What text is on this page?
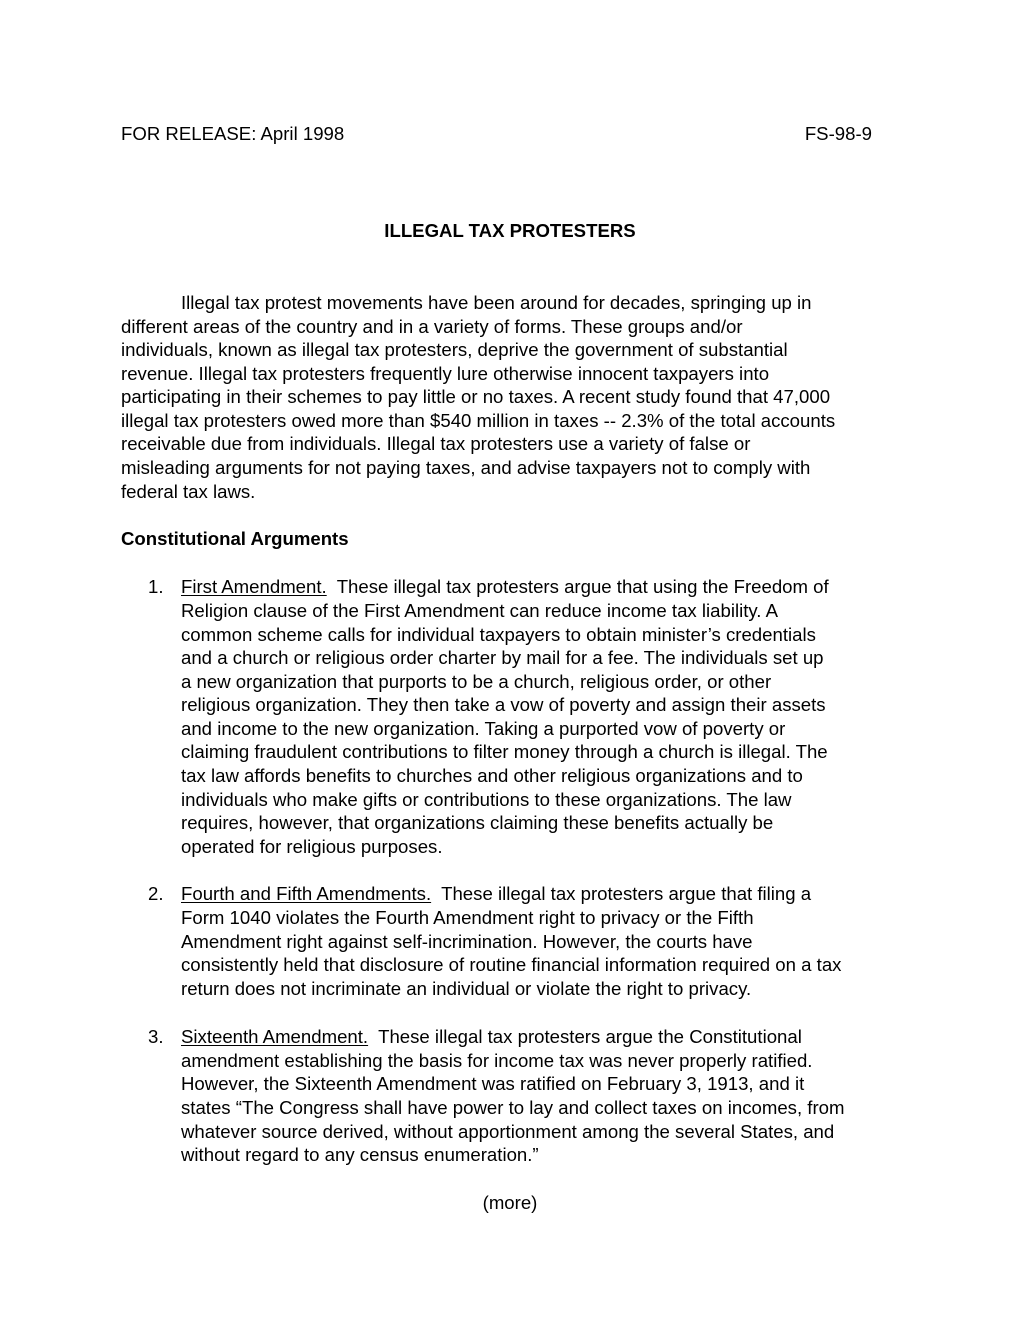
FOR RELEASE: April 1998	FS-98-9
ILLEGAL TAX PROTESTERS
Illegal tax protest movements have been around for decades, springing up in
different areas of the country and in a variety of forms. These groups and/or
individuals, known as illegal tax protesters, deprive the government of substantial
revenue. Illegal tax protesters frequently lure otherwise innocent taxpayers into
participating in their schemes to pay little or no taxes. A recent study found that 47,000
illegal tax protesters owed more than $540 million in taxes -- 2.3% of the total accounts
receivable due from individuals. Illegal tax protesters use a variety of false or
misleading arguments for not paying taxes, and advise taxpayers not to comply with
federal tax laws.
Constitutional Arguments
1. First Amendment.  These illegal tax protesters argue that using the Freedom of
Religion clause of the First Amendment can reduce income tax liability. A
common scheme calls for individual taxpayers to obtain minister’s credentials
and a church or religious order charter by mail for a fee. The individuals set up
a new organization that purports to be a church, religious order, or other
religious organization. They then take a vow of poverty and assign their assets
and income to the new organization. Taking a purported vow of poverty or
claiming fraudulent contributions to filter money through a church is illegal. The
tax law affords benefits to churches and other religious organizations and to
individuals who make gifts or contributions to these organizations. The law
requires, however, that organizations claiming these benefits actually be
operated for religious purposes.
2. Fourth and Fifth Amendments.  These illegal tax protesters argue that filing a
Form 1040 violates the Fourth Amendment right to privacy or the Fifth
Amendment right against self-incrimination. However, the courts have
consistently held that disclosure of routine financial information required on a tax
return does not incriminate an individual or violate the right to privacy.
3. Sixteenth Amendment.  These illegal tax protesters argue the Constitutional
amendment establishing the basis for income tax was never properly ratified.
However, the Sixteenth Amendment was ratified on February 3, 1913, and it
states “The Congress shall have power to lay and collect taxes on incomes, from
whatever source derived, without apportionment among the several States, and
without regard to any census enumeration.”
(more)
